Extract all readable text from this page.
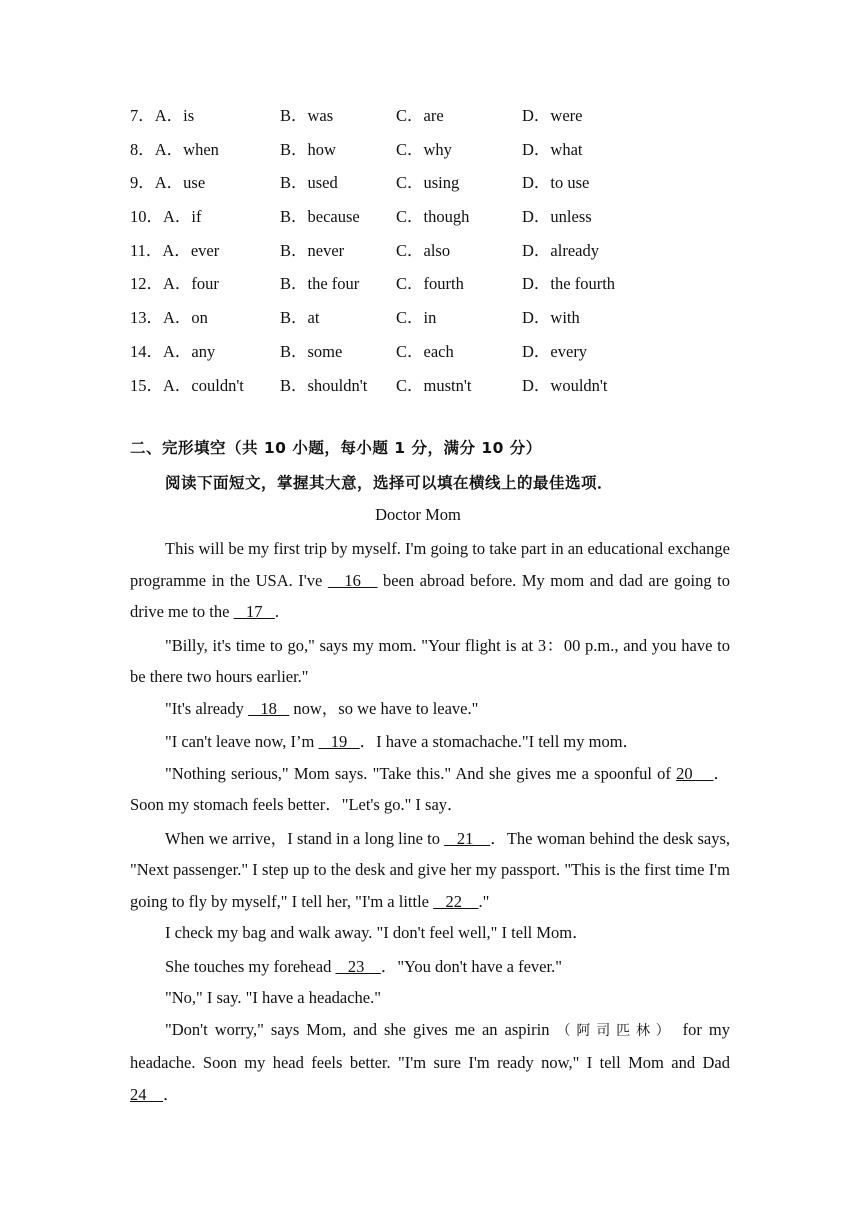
7．A．is	B．was	C．are	D．were
8．A．when	B．how	C．why	D．what
9．A．use	B．used	C．using	D．to use
10．A．if	B．because C．though	D．unless
11．A．ever	B．never	C．also	D．already
12．A．four	B．the four C．fourth	D．the fourth
13．A．on	B．at	C．in	D．with
14．A．any	B．some	C．each	D．every
15．A．couldn't B．shouldn't C．mustn't	D．wouldn't
二、完形填空（共 10 小题，每小题 1 分，满分 10 分）
阅读下面短文，掌握其大意，选择可以填在横线上的最佳选项．
Doctor Mom

This will be my first trip by myself. I'm going to take part in an educational exchange programme in the USA. I've    16    been abroad before. My mom and dad are going to drive me to the    17   .

"Billy, it's time to go," says my mom. "Your flight is at 3：00 p.m., and you have to be there two hours earlier."

"It's already    18    now，so we have to leave."

"I can't leave now, I’m    19   ．I have a stomachache."I tell my mom．

"Nothing serious," Mom says. "Take this." And she gives me a spoonful of 20    ．Soon my stomach feels better．"Let's go." I say．

When we arrive，I stand in a long line to    21    ．The woman behind the desk says, "Next passenger." I step up to the desk and give her my passport. "This is the first time I'm going to fly by myself," I tell her, "I'm a little    22    ."

I check my bag and walk away. "I don't feel well," I tell Mom．

She touches my forehead    23    ．"You don't have a fever."

"No," I say. "I have a headache."

"Don't worry," says Mom, and she gives me an aspirin （阿司匹林） for my headache. Soon my head feels better. "I'm sure I'm ready now," I tell Mom and Dad 24    ．
